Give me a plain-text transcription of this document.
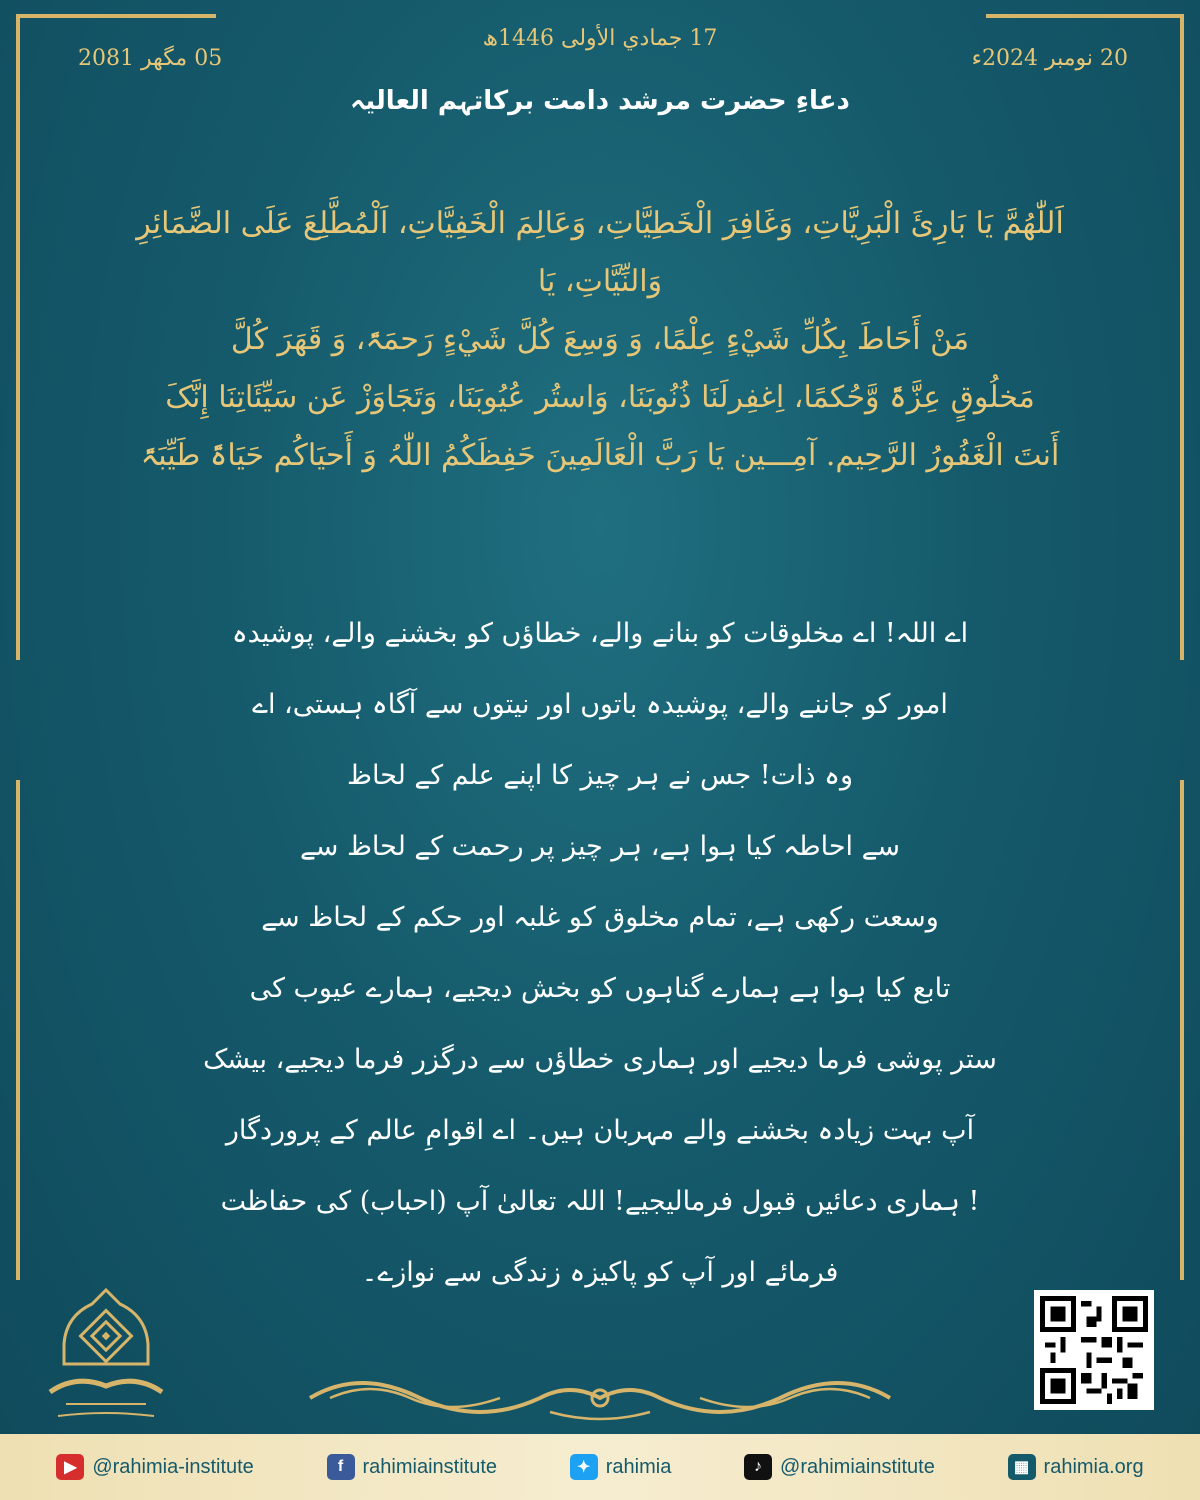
17 جمادي الأولى 1446ھ
05 مگھر 2081	20 نومبر 2024ء
دعاءِ حضرت مرشد دامت برکاتہم العالیہ
اَللّٰھُمَّ یَا بَارِئَ الْبَرِیَّاتِ، وَغَافِرَ الْخَطِیَّاتِ، وَعَالِمَ الْخَفِیَّاتِ، اَلْمُطَّلِعَ عَلَی الضَّمَائِرِ وَالنِّیَّاتِ، یَا
مَنْ أَحَاطَ بِکُلِّ شَيْءٍ عِلْمًا، وَ وَسِعَ کُلَّ شَيْءٍ رَحمَۃً، وَ قَھَرَ کُلَّ
مَخلُوقٍ عِزَّۃً وَّحُکمًا، اِغفِرلَنَا ذُنُوبَنَا، وَاستُر عُیُوبَنَا، وَتَجَاوَزْ عَن سَیِّئَاتِنَا إِنَّکَ
أَنتَ الْغَفُورُ الرَّحِیم. آمِـــین یَا رَبَّ الْعَالَمِینَ حَفِظَکُمُ اللّٰہُ وَ أَحیَاکُم حَیَاۃً طَیِّبَۃً
اے اللہ! اے مخلوقات کو بنانے والے، خطاؤں کو بخشنے والے، پوشیدہ
امور کو جاننے والے، پوشیدہ باتوں اور نیتوں سے آگاہ ہستی، اے
وہ ذات! جس نے ہر چیز کا اپنے علم کے لحاظ
سے احاطہ کیا ہوا ہے، ہر چیز پر رحمت کے لحاظ سے
وسعت رکھی ہے، تمام مخلوق کو غلبہ اور حکم کے لحاظ سے
تابع کیا ہوا ہے ہمارے گناہوں کو بخش دیجیے، ہمارے عیوب کی
ستر پوشی فرما دیجیے اور ہماری خطاؤں سے درگزر فرما دیجیے، بیشک
آپ بہت زیادہ بخشنے والے مہربان ہیں۔ اے اقوامِ عالم کے پروردگار
! ہماری دعائیں قبول فرمالیجیے! اللہ تعالیٰ آپ (احباب) کی حفاظت
فرمائے اور آپ کو پاکیزہ زندگی سے نوازے۔
▶ @rahimia-institute	f rahimiainstitute	✦ rahimia	♪ @rahimiainstitute	▦ rahimia.org
